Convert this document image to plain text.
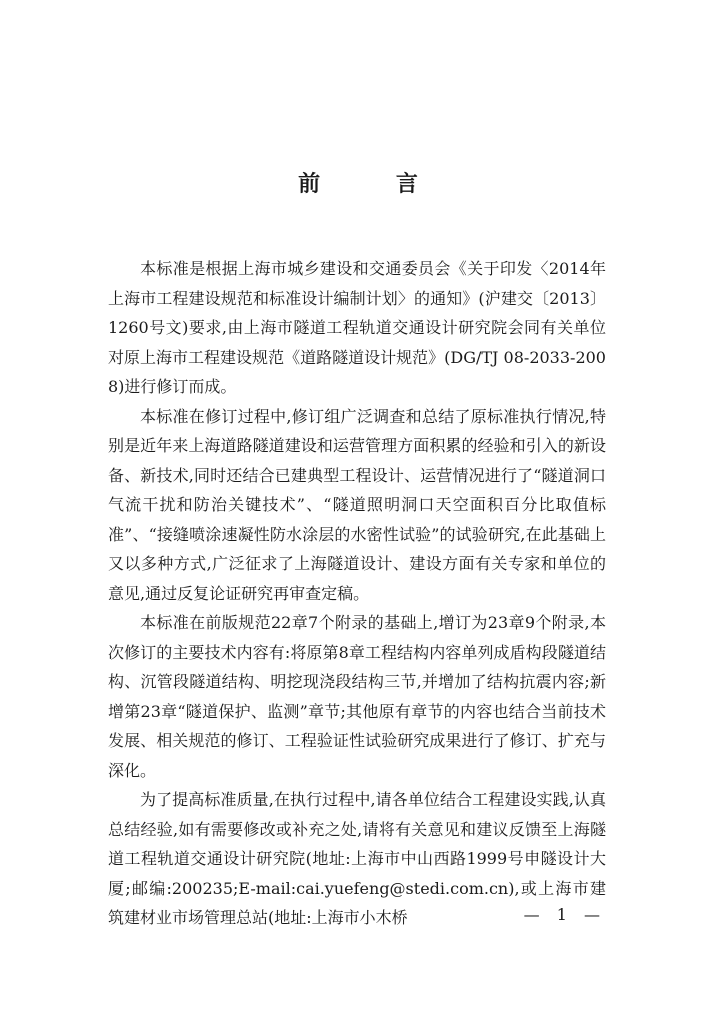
前 言

本标准是根据上海市城乡建设和交通委员会《关于印发〈2014年上海市工程建设规范和标准设计编制计划〉的通知》(沪建交〔2013〕1260号文)要求,由上海市隧道工程轨道交通设计研究院会同有关单位对原上海市工程建设规范《道路隧道设计规范》(DG/TJ 08-2033-2008)进行修订而成。

本标准在修订过程中,修订组广泛调查和总结了原标准执行情况,特别是近年来上海道路隧道建设和运营管理方面积累的经验和引入的新设备、新技术,同时还结合已建典型工程设计、运营情况进行了“隧道洞口气流干扰和防治关键技术”、“隧道照明洞口天空面积百分比取值标准”、“接缝喷涂速凝性防水涂层的水密性试验”的试验研究,在此基础上又以多种方式,广泛征求了上海隧道设计、建设方面有关专家和单位的意见,通过反复论证研究再审查定稿。

本标准在前版规范22章7个附录的基础上,增订为23章9个附录,本次修订的主要技术内容有:将原第8章工程结构内容单列成盾构段隧道结构、沉管段隧道结构、明挖现浇段结构三节,并增加了结构抗震内容;新增第23章“隧道保护、监测”章节;其他原有章节的内容也结合当前技术发展、相关规范的修订、工程验证性试验研究成果进行了修订、扩充与深化。

为了提高标准质量,在执行过程中,请各单位结合工程建设实践,认真总结经验,如有需要修改或补充之处,请将有关意见和建议反馈至上海隧道工程轨道交通设计研究院(地址:上海市中山西路1999号申隧设计大厦;邮编:200235;E-mail:cai.yuefeng@stedi.com.cn),或上海市建筑建材业市场管理总站(地址:上海市小木桥	— 1 —
